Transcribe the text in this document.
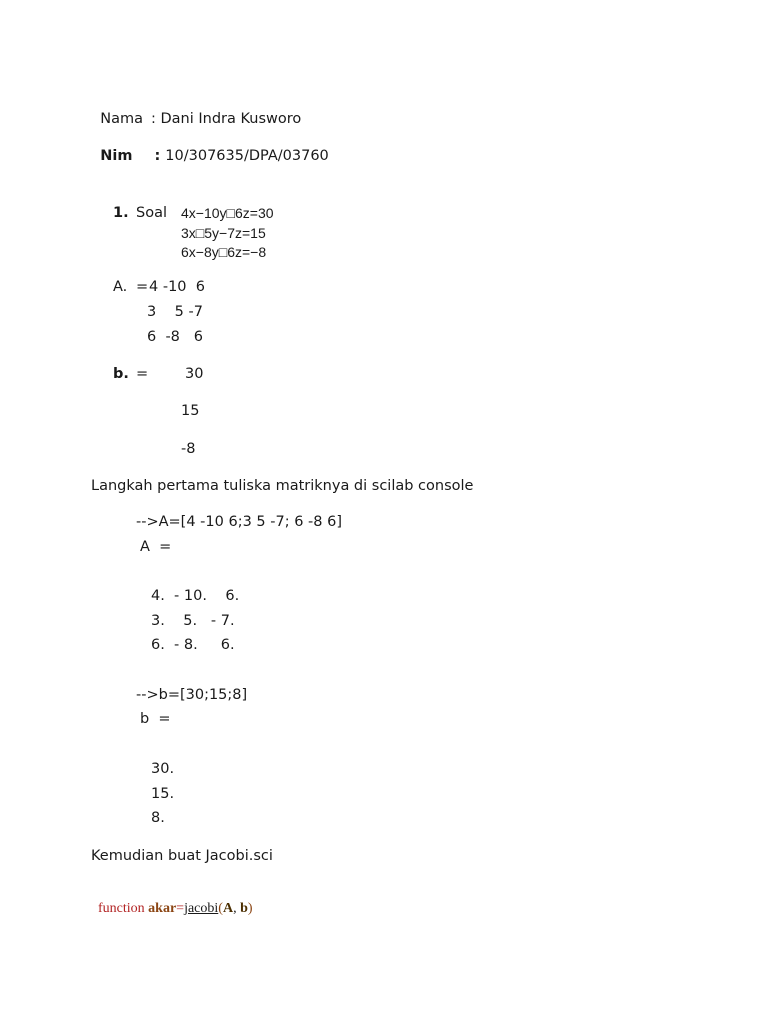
Nama : Dani Indra Kusworo

Nim : 10/307635/DPA/03760

1. Soal 4x−10y□6z=30
3x□5y−7z=15
6x−8y□6z=−8
A. = 4 -10  6
3    5 -7
6  -8   6
b. =	30
15
-8
Langkah pertama tuliska matriknya di scilab console
-->A=[4 -10 6;3 5 -7; 6 -8 6]
A  =
4.  - 10.    6.
3.    5.   - 7.
6.  - 8.     6.
-->b=[30;15;8]
b  =
30.
15.
8.
Kemudian buat Jacobi.sci

function akar=jacobi(A, b)
